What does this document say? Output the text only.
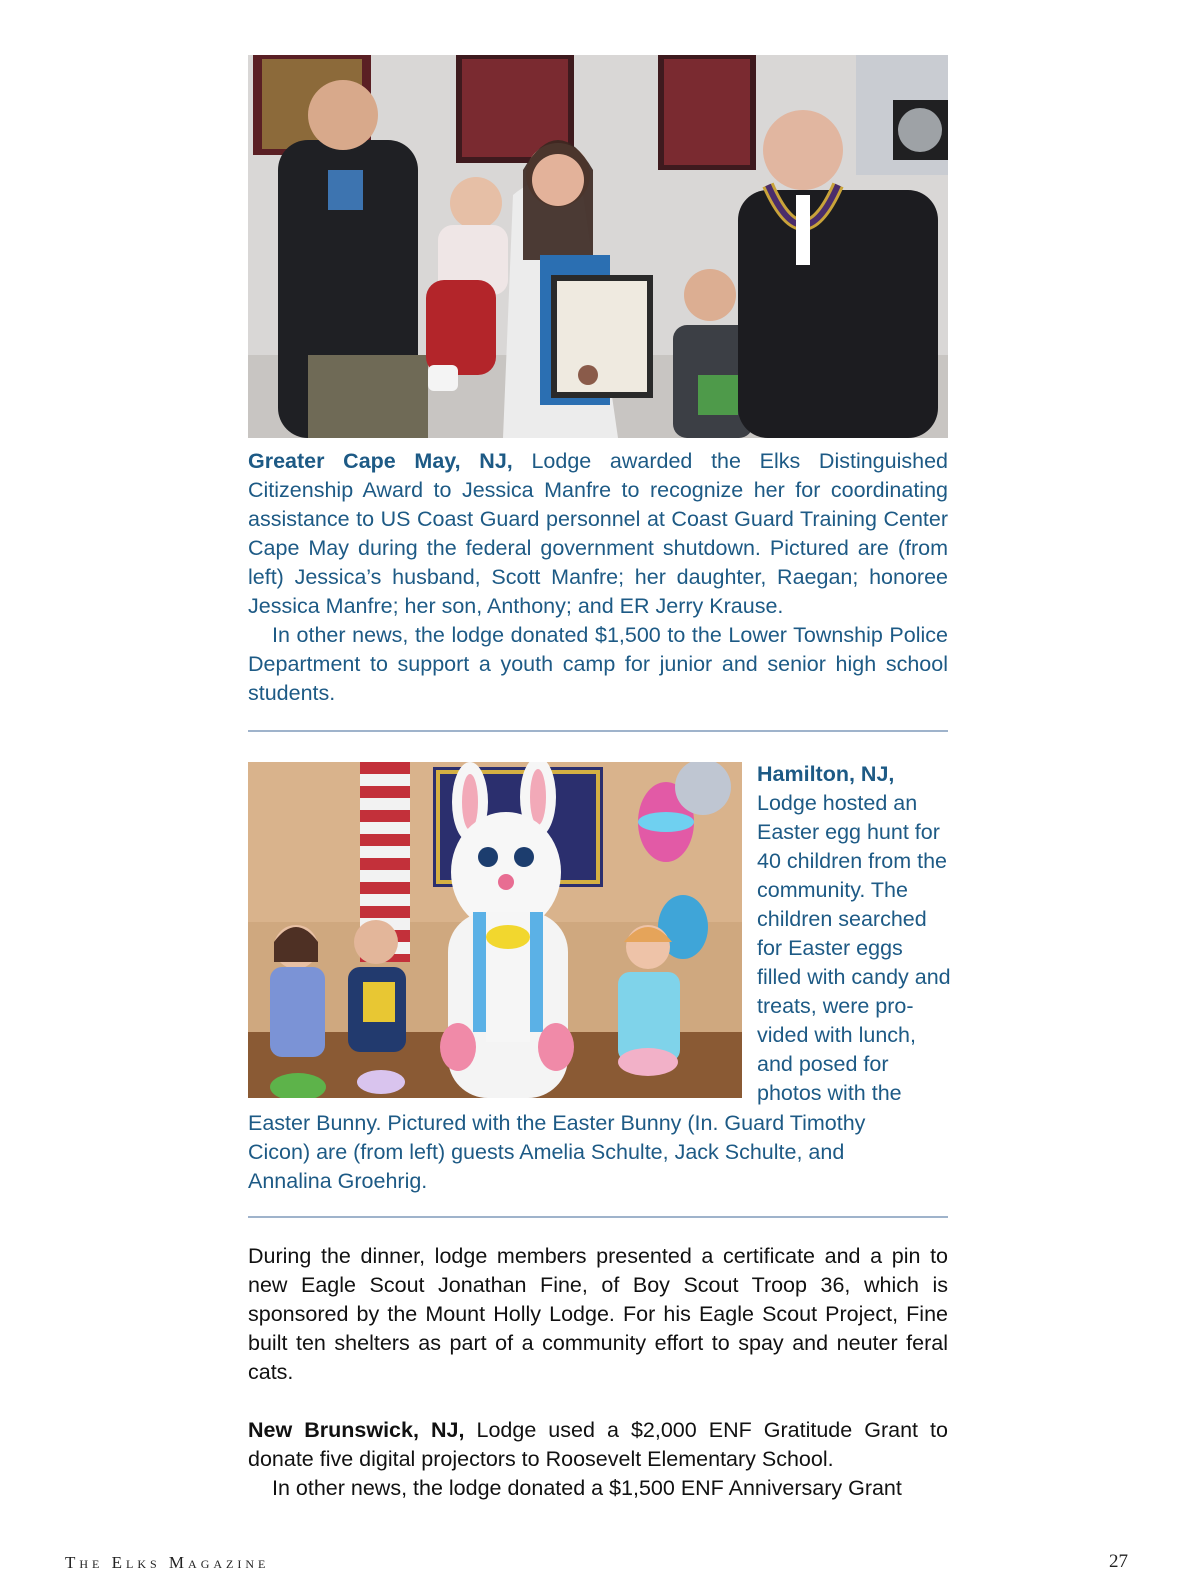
Greater Cape May, NJ, Lodge awarded the Elks Distinguished Citizenship Award to Jessica Manfre to recognize her for coordinating assistance to US Coast Guard personnel at Coast Guard Training Center Cape May during the federal government shutdown. Pictured are (from left) Jessica’s husband, Scott Manfre; her daughter, Raegan; honoree Jessica Manfre; her son, Anthony; and ER Jerry Krause.

In other news, the lodge donated $1,500 to the Lower Township Police Department to support a youth camp for junior and senior high school students.

Hamilton, NJ,
Lodge hosted an
Easter egg hunt for
40 children from the
community. The
children searched
for Easter eggs
filled with candy and
treats, were pro-
vided with lunch,
and posed for
photos with the
Easter Bunny. Pictured with the Easter Bunny (In. Guard Timothy
Cicon) are (from left) guests Amelia Schulte, Jack Schulte, and
Annalina Groehrig.

During the dinner, lodge members presented a certificate and a pin to new Eagle Scout Jonathan Fine, of Boy Scout Troop 36, which is sponsored by the Mount Holly Lodge. For his Eagle Scout Project, Fine built ten shelters as part of a community effort to spay and neuter feral cats.

New Brunswick, NJ, Lodge used a $2,000 ENF Gratitude Grant to donate five digital projectors to Roosevelt Elementary School.

In other news, the lodge donated a $1,500 ENF Anniversary Grant

The Elks Magazine	27
